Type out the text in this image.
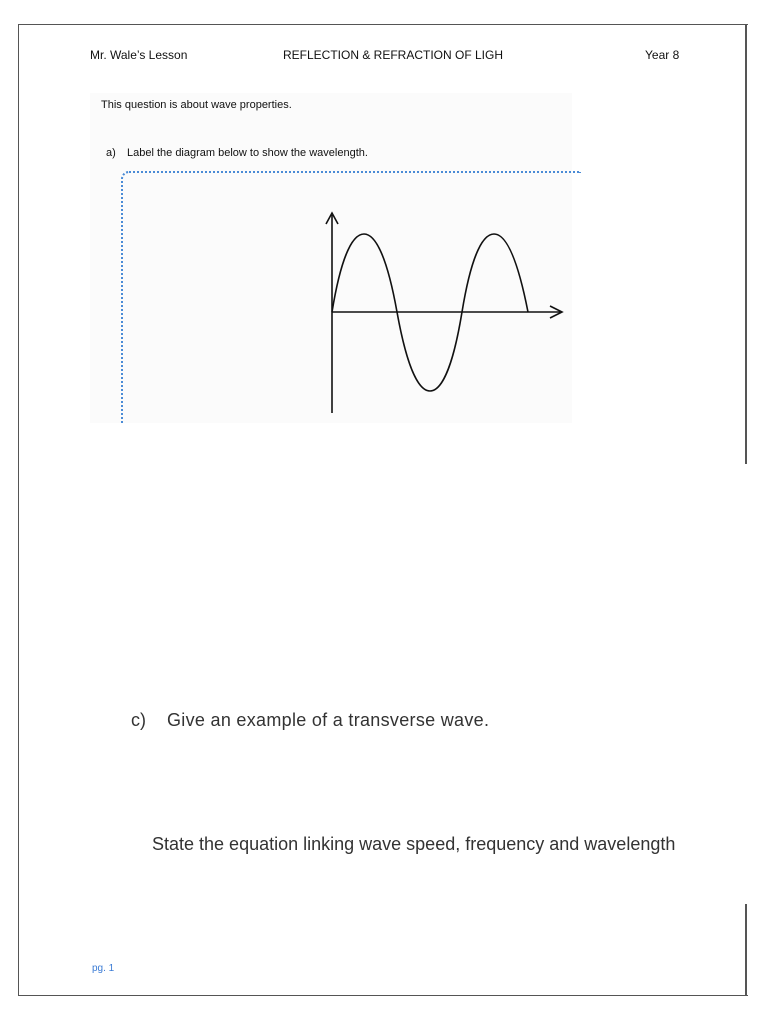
Mr. Wale’s Lesson	REFLECTION & REFRACTION OF LIGH	Year 8
This question is about wave properties.
a) Label the diagram below to show the wavelength.
c) Give an example of a transverse wave.
State the equation linking wave speed, frequency and wavelength
pg. 1
